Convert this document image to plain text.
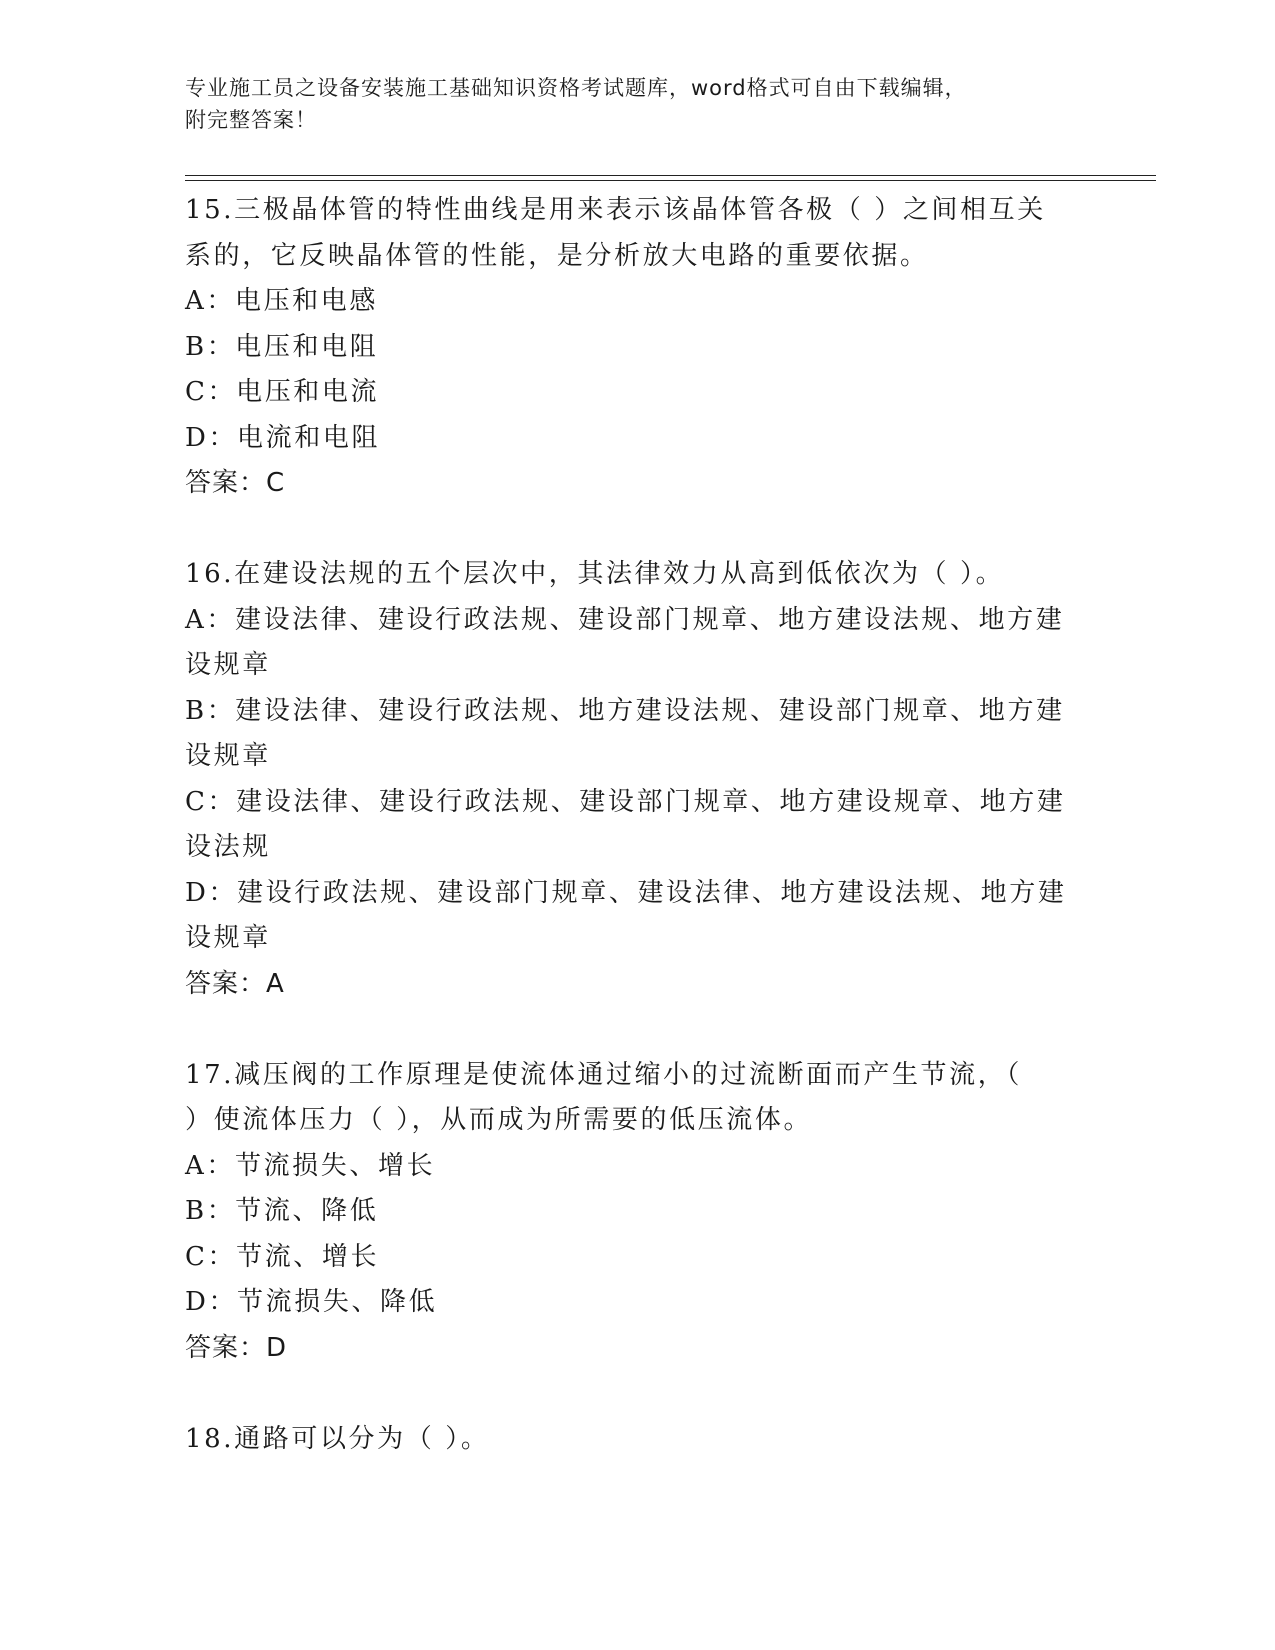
专业施工员之设备安装施工基础知识资格考试题库，word格式可自由下载编辑，
附完整答案！
15.三极晶体管的特性曲线是用来表示该晶体管各极（ ）之间相互关
系的，它反映晶体管的性能，是分析放大电路的重要依据。
A：电压和电感
B：电压和电阻
C：电压和电流
D：电流和电阻
答案：C
16.在建设法规的五个层次中，其法律效力从高到低依次为（ ）。
A：建设法律、建设行政法规、建设部门规章、地方建设法规、地方建
设规章
B：建设法律、建设行政法规、地方建设法规、建设部门规章、地方建
设规章
C：建设法律、建设行政法规、建设部门规章、地方建设规章、地方建
设法规
D：建设行政法规、建设部门规章、建设法律、地方建设法规、地方建
设规章
答案：A
17.减压阀的工作原理是使流体通过缩小的过流断面而产生节流，（
）使流体压力（ ），从而成为所需要的低压流体。
A：节流损失、增长
B：节流、降低
C：节流、增长
D：节流损失、降低
答案：D
18.通路可以分为（ ）。
